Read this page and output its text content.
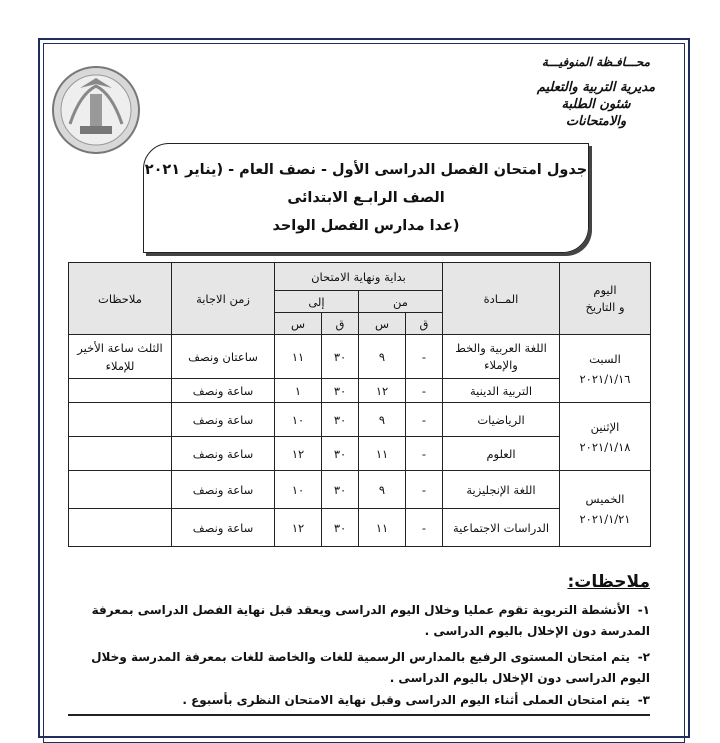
محـــافـظة المنوفيـــة
مديرية التربية والتعليم
شئون الطلبة والامتحانات
جدول امتحان الفصل الدراسى الأول - نصف العام - (يناير ٢٠٢١
الصف الرابـع الابتدائى
(عدا مدارس الفصل الواحد
اليوم
و التاريخ	المــادة	بداية ونهاية الامتحان				زمن الاجابة	ملاحظات
		من		إلى			
		ق	س	ق	س		

السبت
٢٠٢١/١/١٦	اللغة العربية والخط والإملاء	-	٩	٣٠	١١	ساعتان ونصف	الثلث ساعة الأخير للإملاء
	التربية الدينية	-	١٢	٣٠	١	ساعة ونصف	

الإثنين
٢٠٢١/١/١٨	الرياضيات	-	٩	٣٠	١٠	ساعة ونصف	
	العلوم	-	١١	٣٠	١٢	ساعة ونصف	

الخميس
٢٠٢١/١/٢١	اللغة الإنجليزية	-	٩	٣٠	١٠	ساعة ونصف	
	الدراسات الاجتماعية	-	١١	٣٠	١٢	ساعة ونصف	
ملاحظات:
١-الأنشطة التربوية تقوم عمليا وخلال اليوم الدراسى ويعقد قبل نهاية الفصل الدراسى بمعرفة المدرسة دون الإخلال باليوم الدراسى .
٢-يتم امتحان المستوى الرفيع بالمدارس الرسمية للغات والخاصة للغات بمعرفة المدرسة وخلال اليوم الدراسى دون الإخلال باليوم الدراسى .
٣-يتم امتحان العملى أثناء اليوم الدراسى وقبل نهاية الامتحان النظرى بأسبوع .
